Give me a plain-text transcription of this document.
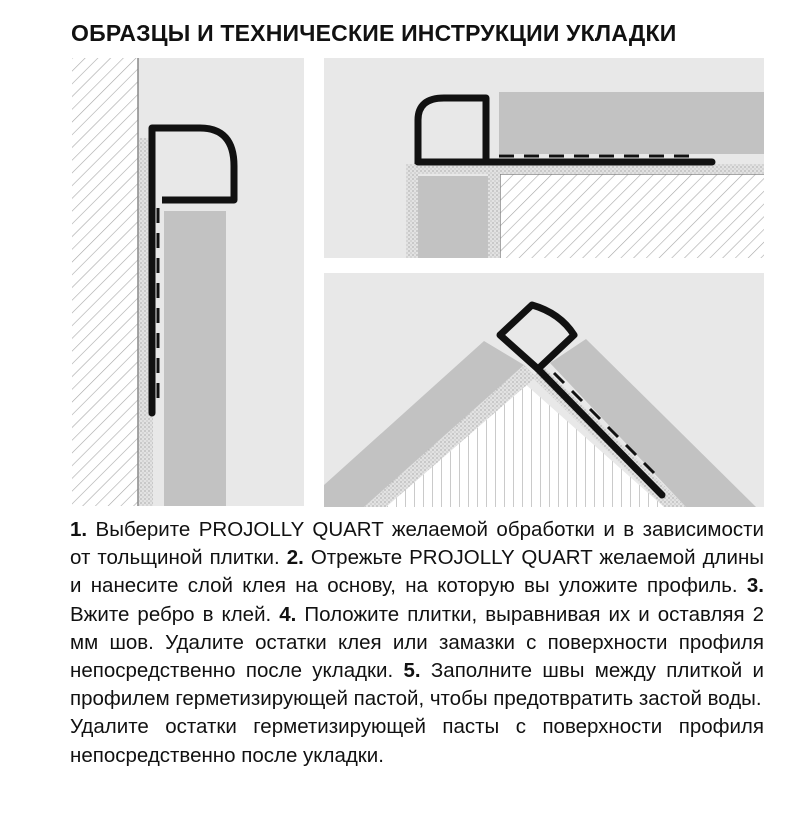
ОБРАЗЦЫ И ТЕХНИЧЕСКИЕ ИНСТРУКЦИИ УКЛАДКИ

1. Выберите PROJOLLY QUART желаемой обработки и в зависимости от тольщиной плитки. 2. Отрежьте PROJOLLY QUART желаемой длины и нанесите слой клея на основу, на которую вы уложите профиль. 3. Вжите ребро в клей. 4. Положите плитки, выравнивая их и оставляя 2 мм шов. Удалите остатки клея или замазки с поверхности профиля непосредственно после укладки. 5. Заполните швы между плиткой и профилем герметизирующей пастой, чтобы предотвратить застой воды.

Удалите остатки герметизирующей пасты с поверхности профиля непосредственно после укладки.
